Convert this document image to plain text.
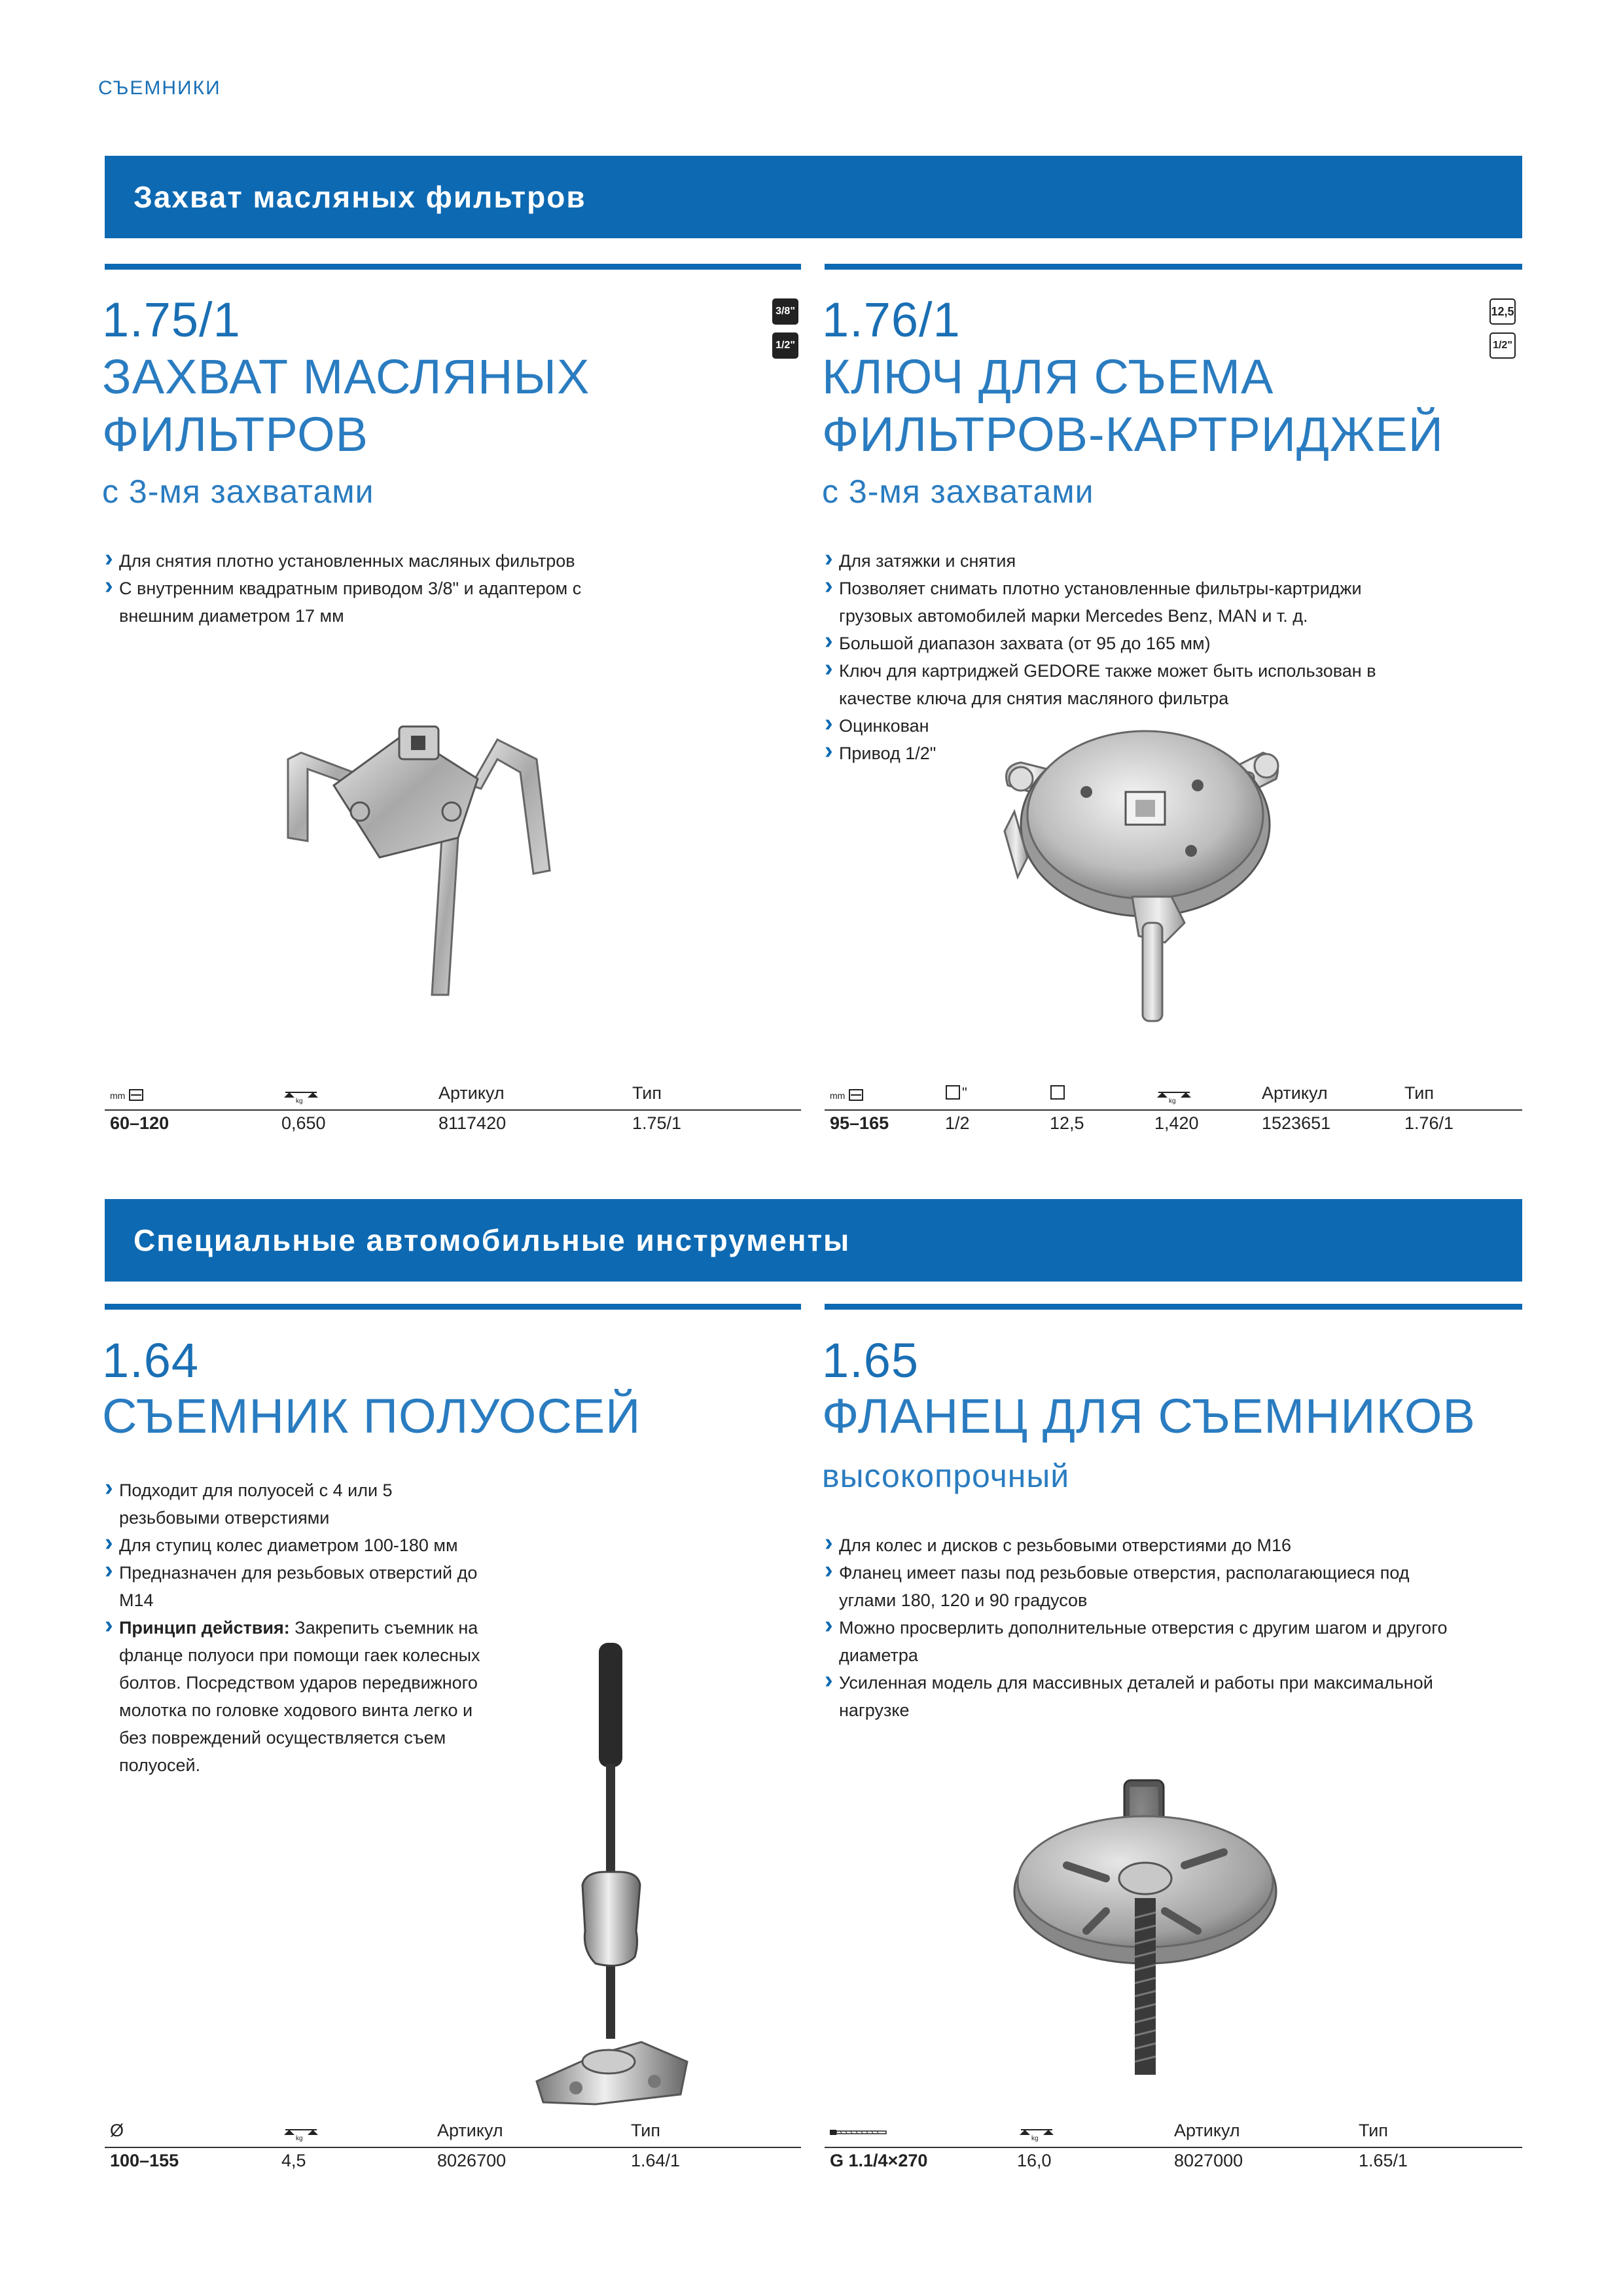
СЪЕМНИКИ
Захват масляных фильтров
1.75/1	3/8"
1/2"
ЗАХВАТ МАСЛЯНЫХ
ФИЛЬТРОВ
с 3-мя захватами
› Для снятия плотно установленных масляных фильтров
› С внутренним квадратным приводом 3/8" и адаптером с внешним диаметром 17 мм
mm
kg	Артикул	Тип
60–120	0,650	8117420	1.75/1
1.76/1	12,5
1/2"
КЛЮЧ ДЛЯ СЪЕМА
ФИЛЬТРОВ-КАРТРИДЖЕЙ
с 3-мя захватами
› Для затяжки и снятия
› Позволяет снимать плотно установленные фильтры-картриджи грузовых автомобилей марки Mercedes Benz, MAN и т. д.
› Большой диапазон захвата (от 95 до 165 мм)
› Ключ для картриджей GEDORE также может быть использован в качестве ключа для снятия масляного фильтра
› Оцинкован
› Привод 1/2"
mm	"
kg	Артикул	Тип
95–165	1/2	12,5	1,420	1523651	1.76/1
Специальные автомобильные инструменты
1.64
СЪЕМНИК ПОЛУОСЕЙ
› Подходит для полуосей с 4 или 5 резьбовыми отверстиями
› Для ступиц колес диаметром 100-180 мм
› Предназначен для резьбовых отверстий до M14
› Принцип действия: Закрепить съемник на фланце полуоси при помощи гаек колесных болтов. Посредством ударов передвижного молотка по головке ходового винта легко и без повреждений осуществляется съем полуосей.
Ø	kg	Артикул	Тип
100–155	4,5	8026700	1.64/1
1.65
ФЛАНЕЦ ДЛЯ СЪЕМНИКОВ
высокопрочный
› Для колес и дисков с резьбовыми отверстиями до M16
› Фланец имеет пазы под резьбовые отверстия, располагающиеся под углами 180, 120 и 90 градусов
› Можно просверлить дополнительные отверстия с другим шагом и другого диаметра
› Усиленная модель для массивных деталей и работы при максимальной нагрузке
kg	Артикул	Тип
G 1.1/4×270	16,0	8027000	1.65/1
